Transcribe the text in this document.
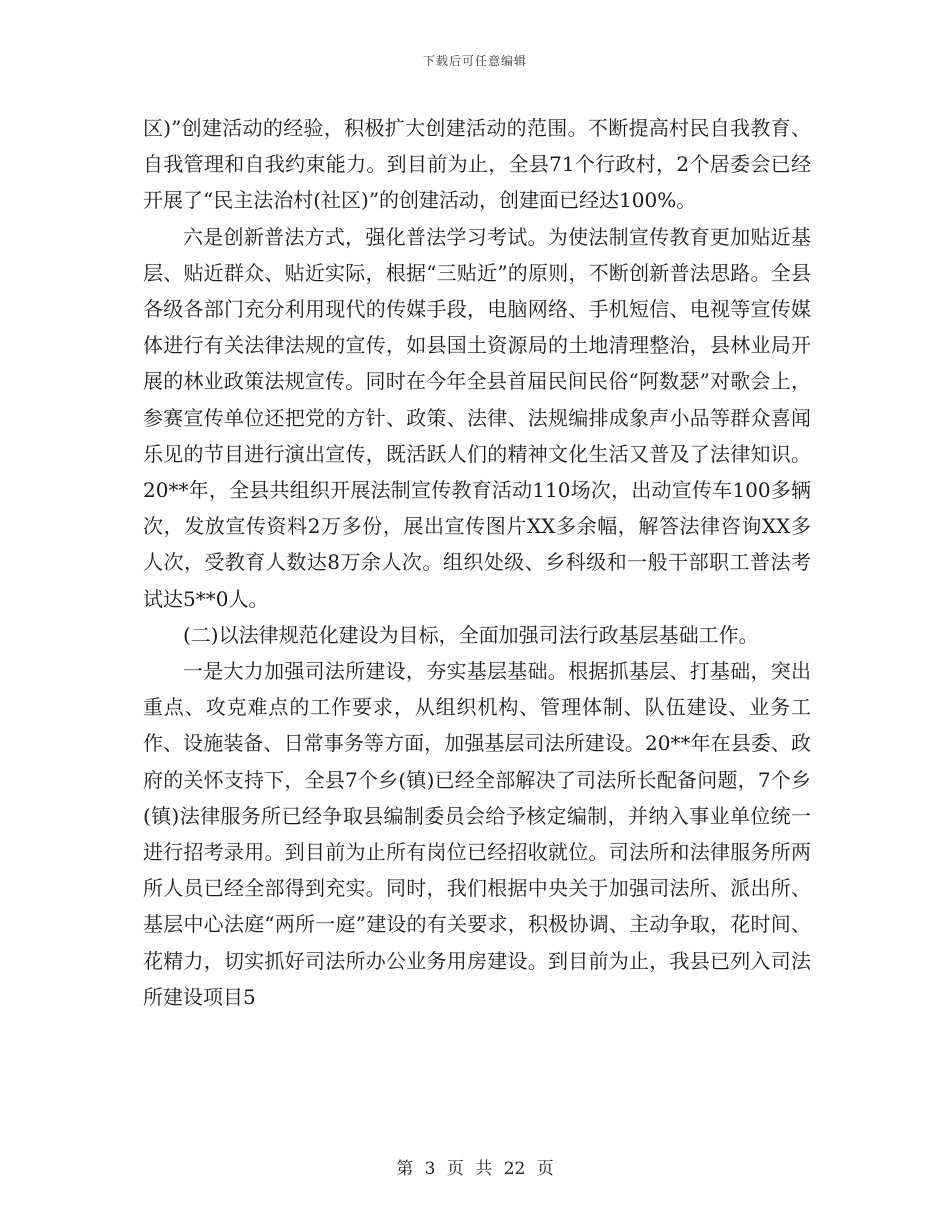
下载后可任意编辑

区)”创建活动的经验，积极扩大创建活动的范围。不断提高村民自我教育、自我管理和自我约束能力。到目前为止，全县71个行政村，2个居委会已经开展了“民主法治村(社区)”的创建活动，创建面已经达100%。

六是创新普法方式，强化普法学习考试。为使法制宣传教育更加贴近基层、贴近群众、贴近实际，根据“三贴近”的原则，不断创新普法思路。全县各级各部门充分利用现代的传媒手段，电脑网络、手机短信、电视等宣传媒体进行有关法律法规的宣传，如县国土资源局的土地清理整治，县林业局开展的林业政策法规宣传。同时在今年全县首届民间民俗“阿数瑟”对歌会上，参赛宣传单位还把党的方针、政策、法律、法规编排成象声小品等群众喜闻乐见的节目进行演出宣传，既活跃人们的精神文化生活又普及了法律知识。20**年，全县共组织开展法制宣传教育活动110场次，出动宣传车100多辆次，发放宣传资料2万多份，展出宣传图片XX多余幅，解答法律咨询XX多人次，受教育人数达8万余人次。组织处级、乡科级和一般干部职工普法考试达5**0人。

(二)以法律规范化建设为目标，全面加强司法行政基层基础工作。

一是大力加强司法所建设，夯实基层基础。根据抓基层、打基础，突出重点、攻克难点的工作要求，从组织机构、管理体制、队伍建设、业务工作、设施装备、日常事务等方面，加强基层司法所建设。20**年在县委、政府的关怀支持下，全县7个乡(镇)已经全部解决了司法所长配备问题，7个乡(镇)法律服务所已经争取县编制委员会给予核定编制，并纳入事业单位统一进行招考录用。到目前为止所有岗位已经招收就位。司法所和法律服务所两所人员已经全部得到充实。同时，我们根据中央关于加强司法所、派出所、基层中心法庭“两所一庭”建设的有关要求，积极协调、主动争取，花时间、花精力，切实抓好司法所办公业务用房建设。到目前为止，我县已列入司法所建设项目5

第 3 页 共 22 页
